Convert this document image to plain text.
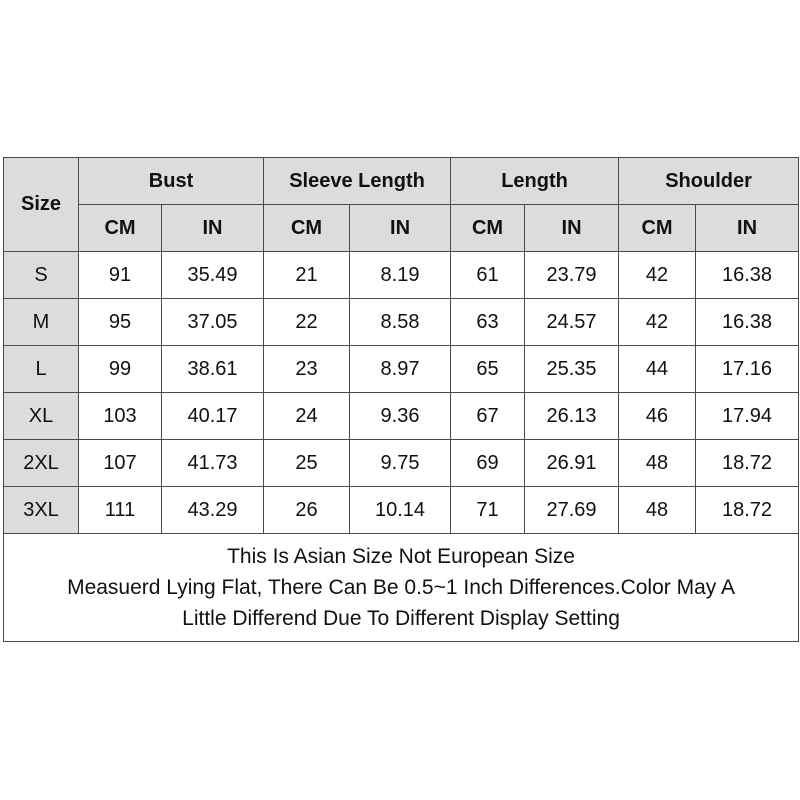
Size	Bust		Sleeve Length		Length		Shoulder	
	CM	IN	CM	IN	CM	IN	CM	IN
S	91	35.49	21	8.19	61	23.79	42	16.38
M	95	37.05	22	8.58	63	24.57	42	16.38
L	99	38.61	23	8.97	65	25.35	44	17.16
XL	103	40.17	24	9.36	67	26.13	46	17.94
2XL	107	41.73	25	9.75	69	26.91	48	18.72
3XL	111	43.29	26	10.14	71	27.69	48	18.72

This Is Asian Size Not European Size
Measuerd Lying Flat, There Can Be 0.5~1 Inch Differences.Color May A
Little Differend Due To Different Display Setting								
